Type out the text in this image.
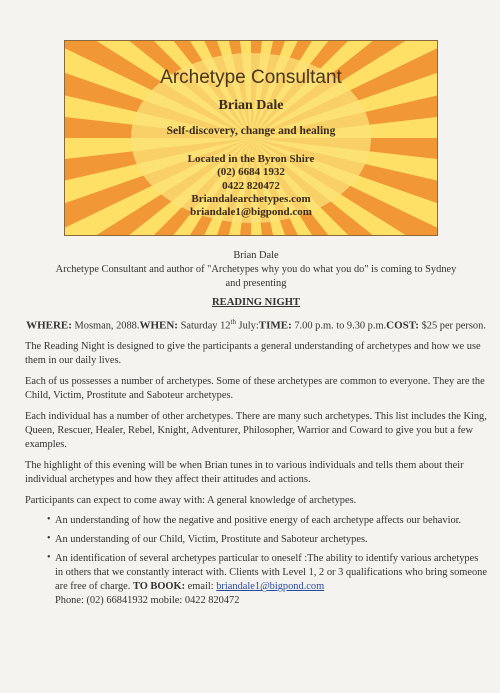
Archetype Consultant
Brian Dale
Self-discovery, change and healing
Located in the Byron Shire
(02) 6684 1932
0422 820472
Briandalearchetypes.com
briandale1@bigpond.com
Brian Dale
Archetype Consultant and author of "Archetypes why you do what you do" is coming to Sydney
and presenting
READING NIGHT
WHERE: Mosman, 2088.WHEN: Saturday 12th July:TIME: 7.00 p.m. to 9.30 p.m.COST: $25 per person.

The Reading Night is designed to give the participants a general understanding of archetypes and how we use them in our daily lives.

Each of us possesses a number of archetypes. Some of these archetypes are common to everyone. They are the Child, Victim, Prostitute and Saboteur archetypes.

Each individual has a number of other archetypes. There are many such archetypes. This list includes the King, Queen, Rescuer, Healer, Rebel, Knight, Adventurer, Philosopher, Warrior and Coward to give you but a few examples.

The highlight of this evening will be when Brian tunes in to various individuals and tells them about their individual archetypes and how they affect their attitudes and actions.

Participants can expect to come away with: A general knowledge of archetypes.

• An understanding of how the negative and positive energy of each archetype affects our behavior.
• An understanding of our Child, Victim, Prostitute and Saboteur archetypes.
• An identification of several archetypes particular to oneself :The ability to identify various archetypes in others that we constantly interact with. Clients with Level 1, 2 or 3 qualifications who bring someone are free of charge. TO BOOK: email: briandale1@bigpond.com
Phone: (02) 66841932 mobile: 0422 820472
